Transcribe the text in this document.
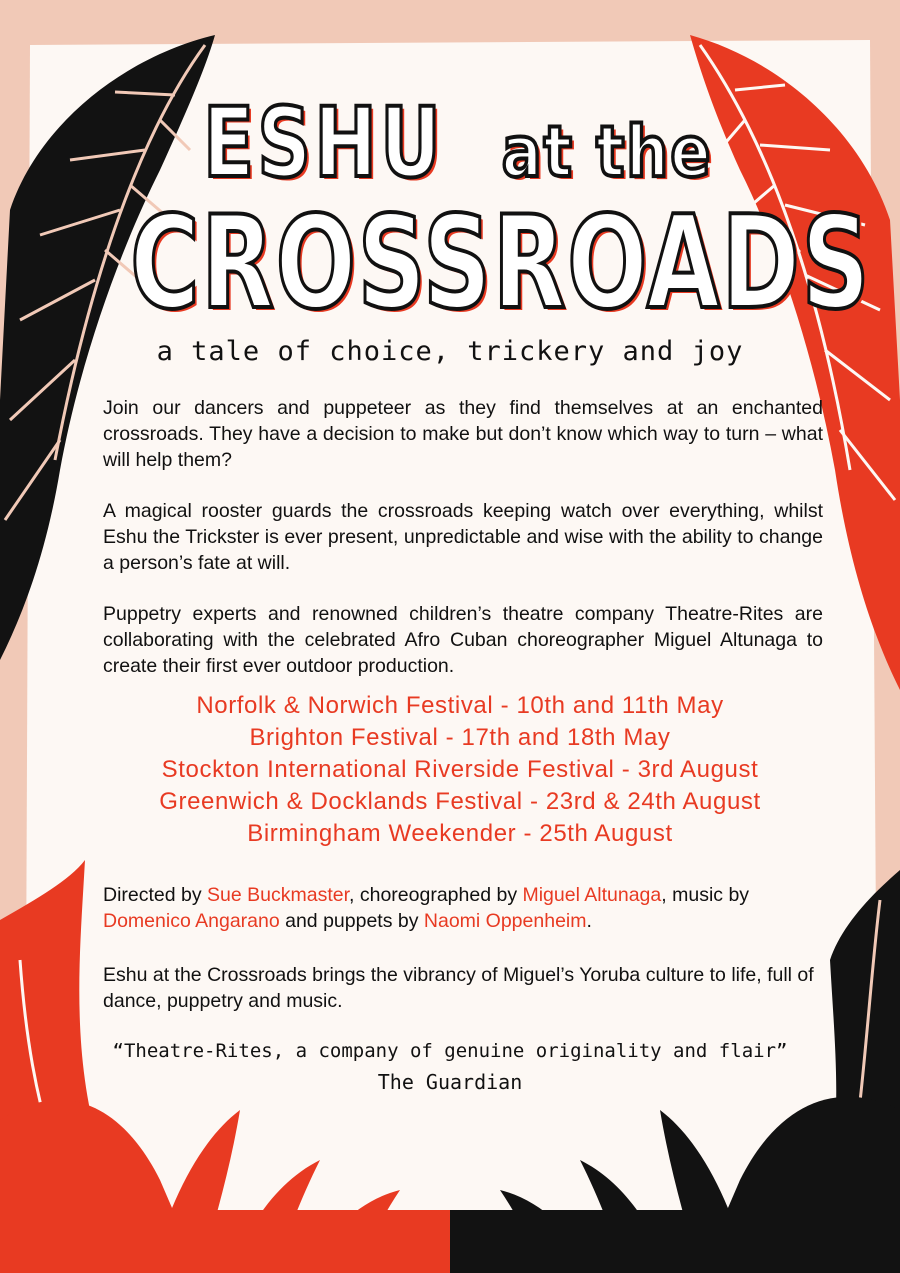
ESHU at the
CROSSROADS
a tale of choice, trickery and joy

Join our dancers and puppeteer as they find themselves at an enchanted crossroads. They have a decision to make but don’t know which way to turn – what will help them?

A magical rooster guards the crossroads keeping watch over everything, whilst Eshu the Trickster is ever present, unpredictable and wise with the ability to change a person’s fate at will.

Puppetry experts and renowned children’s theatre company Theatre-Rites are collaborating with the celebrated Afro Cuban choreographer Miguel Altunaga to create their first ever outdoor production.

Norfolk & Norwich Festival - 10th and 11th May
Brighton Festival - 17th and 18th May
Stockton International Riverside Festival - 3rd August
Greenwich & Docklands Festival - 23rd & 24th August
Birmingham Weekender - 25th August

Directed by Sue Buckmaster, choreographed by Miguel Altunaga, music by Domenico Angarano and puppets by Naomi Oppenheim.

Eshu at the Crossroads brings the vibrancy of Miguel’s Yoruba culture to life, full of dance, puppetry and music.

“Theatre-Rites, a company of genuine originality and flair”
The Guardian
